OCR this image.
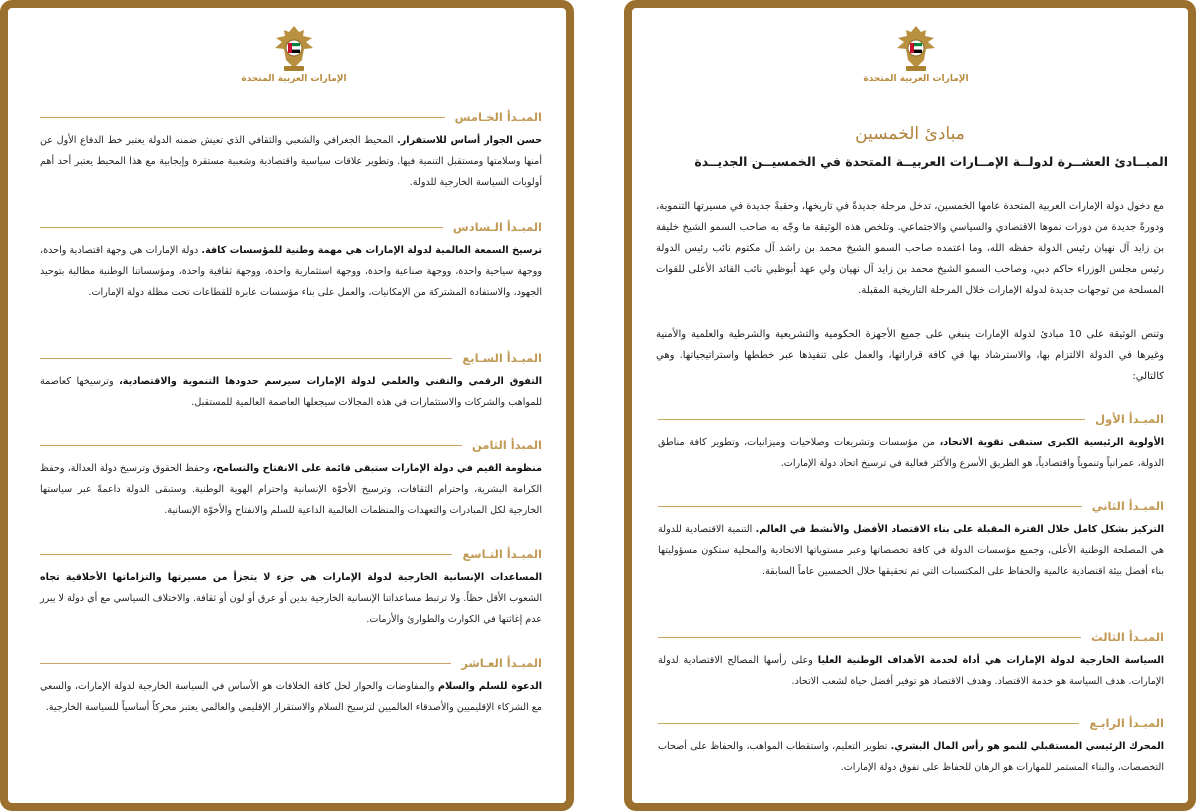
الإمارات العربية المتحدة
المبـدأ الخـامس
حسن الجوار أساس للاستقرار. المحيط الجغرافي والشعبي والثقافي الذي تعيش ضمنه الدولة يعتبر خط الدفاع الأول عن أمنها وسلامتها ومستقبل التنمية فيها. وتطوير علاقات سياسية واقتصادية وشعبية مستقرة وإيجابية مع هذا المحيط يعتبر أحد أهم أولويات السياسة الخارجية للدولة.
المبـدأ الـسادس
ترسيخ السمعة العالمية لدولة الإمارات هي مهمة وطنية للمؤسسات كافة. دولة الإمارات هي وجهة اقتصادية واحدة، ووجهة سياحية واحدة، ووجهة صناعية واحدة، ووجهة استثمارية واحدة، ووجهة ثقافية واحدة، ومؤسساتنا الوطنية مطالبة بتوحيد الجهود، والاستفادة المشتركة من الإمكانيات، والعمل على بناء مؤسسات عابرة للقطاعات تحت مظلة دولة الإمارات.
المبـدأ السـابع
التفوق الرقمي والتقني والعلمي لدولة الإمارات سيرسم حدودها التنموية والاقتصادية، وترسيخها كعاصمة للمواهب والشركات والاستثمارات في هذه المجالات سيجعلها العاصمة العالمية للمستقبل.
المبدأ الثامن
منظومة القيم في دولة الإمارات ستبقى قائمة على الانفتاح والتسامح، وحفظ الحقوق وترسيخ دولة العدالة، وحفظ الكرامة البشرية، واحترام الثقافات، وترسيخ الأخوّة الإنسانية واحترام الهوية الوطنية. وستبقى الدولة داعمةً عبر سياستها الخارجية لكل المبادرات والتعهدات والمنظمات العالمية الداعية للسلم والانفتاح والأخوّة الإنسانية.
المبـدأ التـاسع
المساعدات الإنسانية الخارجية لدولة الإمارات هي جزء لا يتجزأ من مسيرتها والتزاماتها الأخلاقية تجاه الشعوب الأقل حظاً. ولا ترتبط مساعداتنا الإنسانية الخارجية بدين أو عرق أو لون أو ثقافة. والاختلاف السياسي مع أي دولة لا يبرر عدم إغاثتها في الكوارث والطوارئ والأزمات.
المبـدأ العـاشر
الدعوة للسلم والسلام والمفاوضات والحوار لحل كافة الخلافات هو الأساس في السياسة الخارجية لدولة الإمارات، والسعي مع الشركاء الإقليميين والأصدقاء العالميين لترسيخ السلام والاستقرار الإقليمي والعالمي يعتبر محركاً أساسياً للسياسة الخارجية.
الإمارات العربية المتحدة
مبادئ الخمسين
المبــادئ العشــرة لدولــة الإمــارات العربيــة المتحدة في الخمسيــن الجديــدة
مع دخول دولة الإمارات العربية المتحدة عامها الخمسين، تدخل مرحلة جديدةً في تاريخها، وحقبةً جديدة في مسيرتها التنموية، ودورةً جديدة من دورات نموها الاقتصادي والسياسي والاجتماعي. وتلخص هذه الوثيقة ما وجّه به صاحب السمو الشيخ خليفة بن زايد آل نهيان رئيس الدولة حفظه الله، وما اعتمده صاحب السمو الشيخ محمد بن راشد آل مكتوم نائب رئيس الدولة رئيس مجلس الوزراء حاكم دبي، وصاحب السمو الشيخ محمد بن زايد آل نهيان ولي عهد أبوظبي نائب القائد الأعلى للقوات المسلحة من توجهات جديدة لدولة الإمارات خلال المرحلة التاريخية المقبلة.
وتنص الوثيقة على 10 مبادئ لدولة الإمارات ينبغي على جميع الأجهزة الحكومية والتشريعية والشرطية والعلمية والأمنية وغيرها في الدولة الالتزام بها، والاسترشاد بها في كافة قراراتها، والعمل على تنفيذها عبر خططها واستراتيجياتها. وهي كالتالي:
المبـدأ الأول
الأولوية الرئيسية الكبرى ستبقى تقوية الاتحاد، من مؤسسات وتشريعات وصلاحيات وميزانيات، وتطوير كافة مناطق الدولة، عمرانياً وتنموياً واقتصادياً، هو الطريق الأسرع والأكثر فعالية في ترسيخ اتحاد دولة الإمارات.
المبـدأ الثاني
التركيز بشكل كامل خلال الفترة المقبلة على بناء الاقتصاد الأفضل والأنشط في العالم. التنمية الاقتصادية للدولة هي المصلحة الوطنية الأعلى، وجميع مؤسسات الدولة في كافة تخصصاتها وعبر مستوياتها الاتحادية والمحلية ستكون مسؤوليتها بناء أفضل بيئة اقتصادية عالمية والحفاظ على المكتسبات التي تم تحقيقها خلال الخمسين عاماً السابقة.
المبـدأ الثالث
السياسة الخارجية لدولة الإمارات هي أداة لخدمة الأهداف الوطنية العليا وعلى رأسها المصالح الاقتصادية لدولة الإمارات. هدف السياسة هو خدمة الاقتصاد. وهدف الاقتصاد هو توفير أفضل حياة لشعب الاتحاد.
المبـدأ الرابـع
المحرك الرئيسي المستقبلي للنمو هو رأس المال البشري. تطوير التعليم، واستقطاب المواهب، والحفاظ على أصحاب التخصصات، والبناء المستمر للمهارات هو الرهان للحفاظ على تفوق دولة الإمارات.
